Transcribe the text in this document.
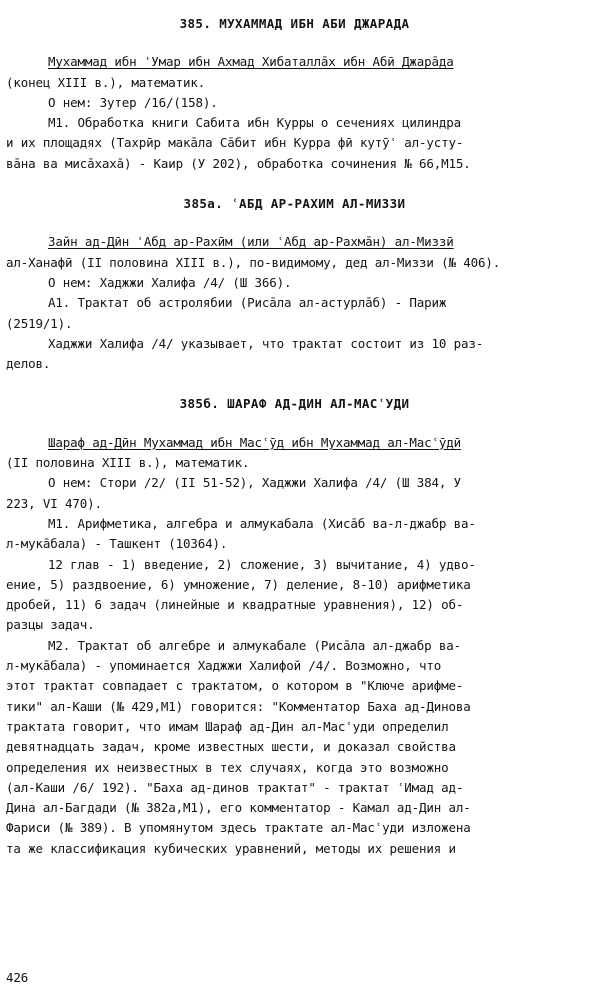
385. МУХАММАД ИБН АБИ ДЖАРАДА
Мухаммад ибн ʿУмар ибн Ахмад Хибаталлāх ибн Абӣ Джарāда
(конец XIII в.), математик.
О нем: Зутер /16/(158).
М1. Обработка книги Сабита ибн Курры о сечениях цилиндра
и их площадях (Тахрӣр макāла Сāбит ибн Курра фӣ кутӯʿ ал-усту-
вāна ва мисāхаха̄) - Каир (У 202), обработка сочинения № 66,M15.
385а. ʿАБД АР-РАХИМ АЛ-МИЗЗИ
Зайн ад-Дӣн ʿАбд ар-Рахӣм (или ʿАбд ар-Рахмāн) ал-Миззӣ
ал-Ханафӣ (II половина XIII в.), по-видимому, дед ал-Миззи (№ 406).
О нем: Хаджжи Халифа /4/ (Ш 366).
А1. Трактат об астролябии (Рисāла ал-астурлāб) - Париж
(2519/1).
Хаджжи Халифа /4/ указывает, что трактат состоит из 10 раз-
делов.
385б. ШАРАФ АД-ДИН АЛ-МАСʿУДИ
Шараф ад-Дӣн Мухаммад ибн Масʿӯд ибн Мухаммад ал-Масʿӯдӣ
(II половина XIII в.), математик.
О нем: Стори /2/ (II 51-52), Хаджжи Халифа /4/ (Ш 384, У
223, VI 470).
М1. Арифметика, алгебра и алмукабала (Хисāб ва-л-джабр ва-
л-мукāбала) - Ташкент (10364).
12 глав - 1) введение, 2) сложение, 3) вычитание, 4) удво-
ение, 5) раздвоение, 6) умножение, 7) деление, 8-10) арифметика
дробей, 11) 6 задач (линейные и квадратные уравнения), 12) об-
разцы задач.
М2. Трактат об алгебре и алмукабале (Рисāла ал-джабр ва-
л-мукāбала) - упоминается Хаджжи Халифой /4/. Возможно, что
этот трактат совпадает с трактатом, о котором в "Ключе арифме-
тики" ал-Каши (№ 429,M1) говорится: "Комментатор Баха ад-Динова
трактата говорит, что имам Шараф ад-Дин ал-Масʿуди определил
девятнадцать задач, кроме известных шести, и доказал свойства
определения их неизвестных в тех случаях, когда это возможно
(ал-Каши /6/ 192). "Баха ад-динов трактат" - трактат ʿИмад ад-
Дина ал-Багдади (№ 382а,M1), его комментатор - Камал ад-Дин ал-
Фариси (№ 389). В упомянутом здесь трактате ал-Масʿуди изложена
та же классификация кубических уравнений, методы их решения и
426
